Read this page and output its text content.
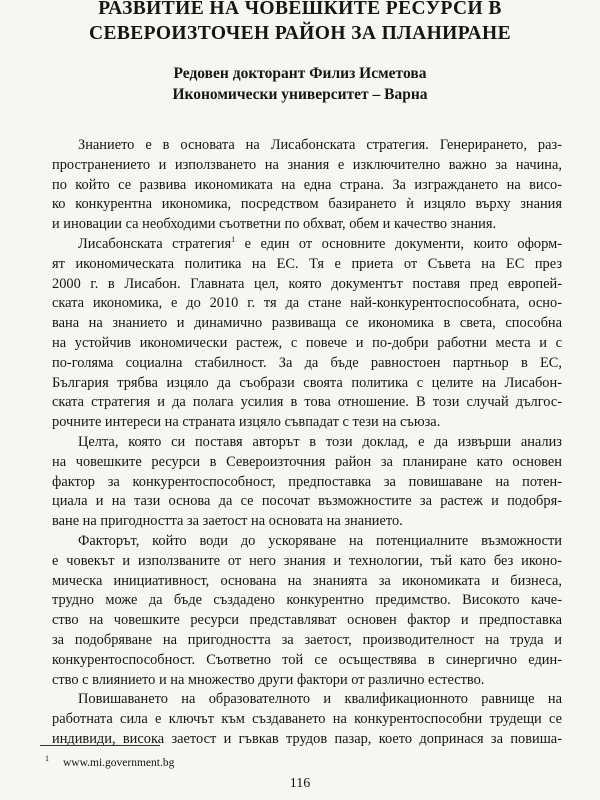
РАЗВИТИЕ НА ЧОВЕШКИТЕ РЕСУРСИ В
СЕВЕРОИЗТОЧЕН РАЙОН ЗА ПЛАНИРАНЕ
Редовен докторант Филиз Исметова
Икономически университет – Варна
Знанието е в основата на Лисабонската стратегия. Генерирането, раз-
пространението и използването на знания е изключително важно за начина,
по който се развива икономиката на една страна. За изграждането на висо-
ко конкурентна икономика, посредством базирането ѝ изцяло върху знания
и иновации са необходими съответни по обхват, обем и качество знания.
Лисабонската стратегия$^1$ е един от основните документи, които оформ-
ят икономическата политика на ЕС. Тя е приета от Съвета на ЕС през
2000 г. в Лисабон. Главната цел, която документът поставя пред европей-
ската икономика, е до 2010 г. тя да стане най-конкурентоспособната, осно-
вана на знанието и динамично развиваща се икономика в света, способна
на устойчив икономически растеж, с повече и по-добри работни места и с
по-голяма социална стабилност. За да бъде равностоен партньор в ЕС,
България трябва изцяло да съобрази своята политика с целите на Лисабон-
ската стратегия и да полага усилия в това отношение. В този случай дългос-
рочните интереси на страната изцяло съвпадат с тези на съюза.
Целта, която си поставя авторът в този доклад, е да извърши анализ
на човешките ресурси в Североизточния район за планиране като основен
фактор за конкурентоспособност, предпоставка за повишаване на потен-
циала и на тази основа да се посочат възможностите за растеж и подобря-
ване на пригодността за заетост на основата на знанието.
Факторът, който води до ускоряване на потенциалните възможности
е човекът и използваните от него знания и технологии, тъй като без иконо-
мическа инициативност, основана на знанията за икономиката и бизнеса,
трудно може да бъде създадено конкурентно предимство. Високото каче-
ство на човешките ресурси представляват основен фактор и предпоставка
за подобряване на пригодността за заетост, производителност на труда и
конкурентоспособност. Съответно той се осъществява в синергично един-
ство с влиянието и на множество други фактори от различно естество.
Повишаването на образователното и квалификационното равнище на
работната сила е ключът към създаването на конкурентоспособни трудещи се
индивиди, висока заетост и гъвкав трудов пазар, което допринася за повиша-

$^1$ www.mi.government.bg

116
